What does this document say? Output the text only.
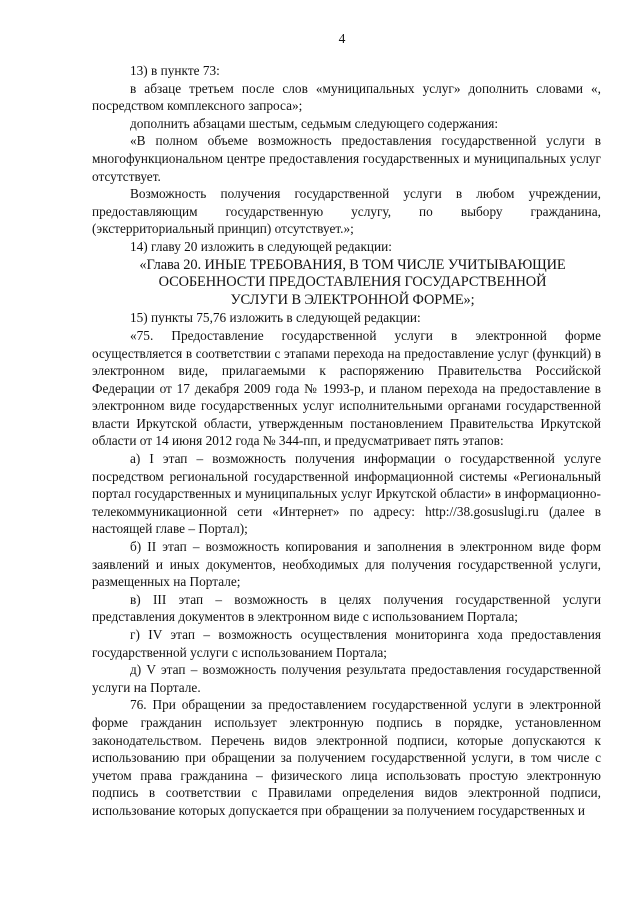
4

13) в пункте 73:

в абзаце третьем после слов «муниципальных услуг» дополнить словами «, посредством комплексного запроса»;

дополнить абзацами шестым, седьмым следующего содержания:

«В полном объеме возможность предоставления государственной услуги в многофункциональном центре предоставления государственных и муниципальных услуг отсутствует.

Возможность получения государственной услуги в любом учреждении, предоставляющим государственную услугу, по выбору гражданина, (экстерриториальный принцип) отсутствует.»;

14) главу 20 изложить в следующей редакции:

«Глава 20. ИНЫЕ ТРЕБОВАНИЯ, В ТОМ ЧИСЛЕ УЧИТЫВАЮЩИЕ
ОСОБЕННОСТИ ПРЕДОСТАВЛЕНИЯ ГОСУДАРСТВЕННОЙ
УСЛУГИ В ЭЛЕКТРОННОЙ ФОРМЕ»;

15) пункты 75,76 изложить в следующей редакции:

«75. Предоставление государственной услуги в электронной форме осуществляется в соответствии с этапами перехода на предоставление услуг (функций) в электронном виде, прилагаемыми к распоряжению Правительства Российской Федерации от 17 декабря 2009 года № 1993-р, и планом перехода на предоставление в электронном виде государственных услуг исполнительными органами государственной власти Иркутской области, утвержденным постановлением Правительства Иркутской области от 14 июня 2012 года № 344-пп, и предусматривает пять этапов:

а) I этап – возможность получения информации о государственной услуге посредством региональной государственной информационной системы «Региональный портал государственных и муниципальных услуг Иркутской области» в информационно-телекоммуникационной сети «Интернет» по адресу: http://38.gosuslugi.ru (далее в настоящей главе – Портал);

б) II этап – возможность копирования и заполнения в электронном виде форм заявлений и иных документов, необходимых для получения государственной услуги, размещенных на Портале;

в) III этап – возможность в целях получения государственной услуги представления документов в электронном виде с использованием Портала;

г) IV этап – возможность осуществления мониторинга хода предоставления государственной услуги с использованием Портала;

д) V этап – возможность получения результата предоставления государственной услуги на Портале.

76. При обращении за предоставлением государственной услуги в электронной форме гражданин использует электронную подпись в порядке, установленном законодательством. Перечень видов электронной подписи, которые допускаются к использованию при обращении за получением государственной услуги, в том числе с учетом права гражданина – физического лица использовать простую электронную подпись в соответствии с Правилами определения видов электронной подписи, использование которых допускается при обращении за получением государственных и
